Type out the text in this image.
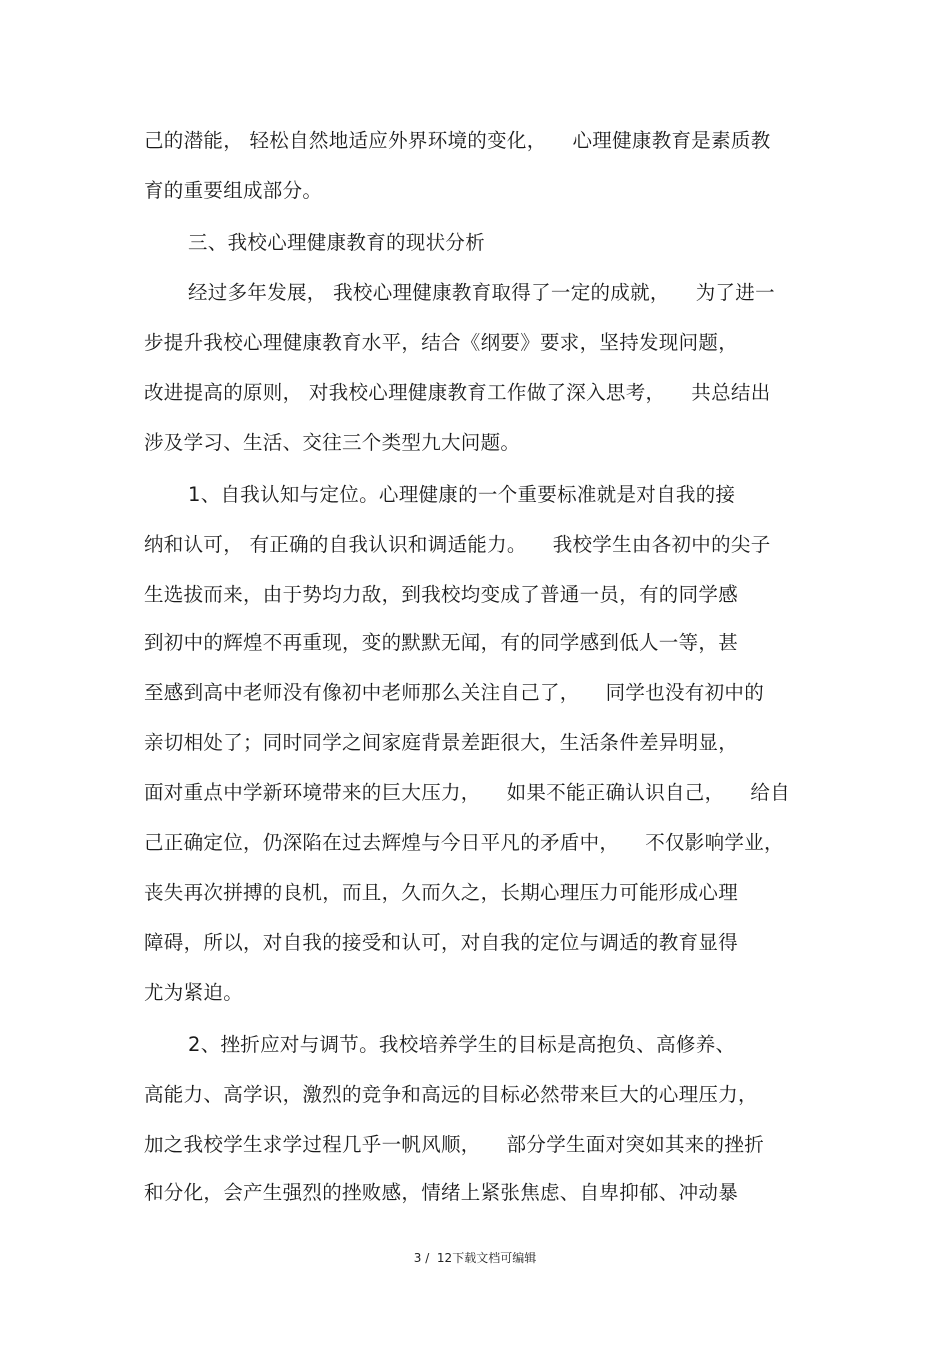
己的潜能， 轻松自然地适应外界环境的变化，    心理健康教育是素质教
育的重要组成部分。
三、我校心理健康教育的现状分析
经过多年发展， 我校心理健康教育取得了一定的成就，    为了进一
步提升我校心理健康教育水平，结合《纲要》要求，坚持发现问题，
改进提高的原则， 对我校心理健康教育工作做了深入思考，    共总结出
涉及学习、生活、交往三个类型九大问题。
1、自我认知与定位。心理健康的一个重要标准就是对自我的接
纳和认可， 有正确的自我认识和调适能力。    我校学生由各初中的尖子
生选拔而来，由于势均力敌，到我校均变成了普通一员，有的同学感
到初中的辉煌不再重现，变的默默无闻，有的同学感到低人一等，甚
至感到高中老师没有像初中老师那么关注自己了，    同学也没有初中的
亲切相处了；同时同学之间家庭背景差距很大，生活条件差异明显，
面对重点中学新环境带来的巨大压力，    如果不能正确认识自己，    给自
己正确定位，仍深陷在过去辉煌与今日平凡的矛盾中，    不仅影响学业，
丧失再次拼搏的良机，而且，久而久之，长期心理压力可能形成心理
障碍，所以，对自我的接受和认可，对自我的定位与调适的教育显得
尤为紧迫。
2、挫折应对与调节。我校培养学生的目标是高抱负、高修养、
高能力、高学识，激烈的竞争和高远的目标必然带来巨大的心理压力，
加之我校学生求学过程几乎一帆风顺，    部分学生面对突如其来的挫折
和分化，会产生强烈的挫败感，情绪上紧张焦虑、自卑抑郁、冲动暴
3 /  12下载文档可编辑
